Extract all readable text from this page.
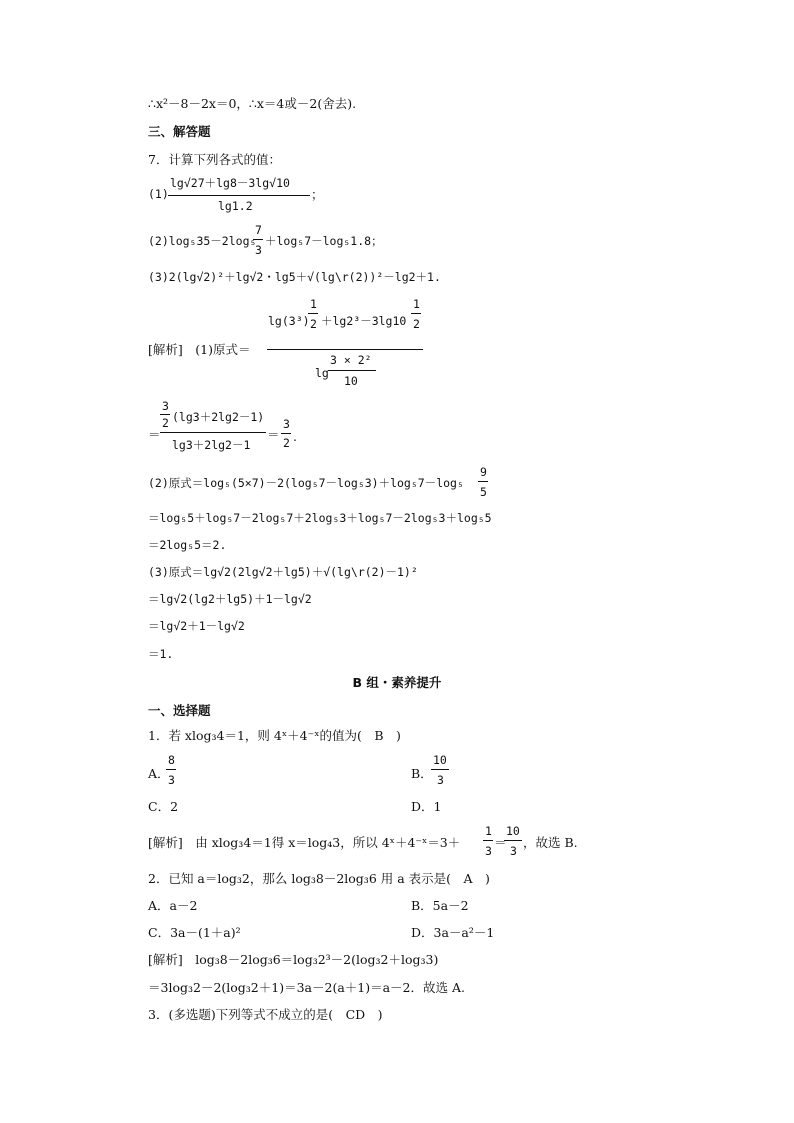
∴x²－8－2x＝0，∴x＝4或－2(舍去).
三、解答题
7．计算下列各式的值：
(1)
lg√27＋lg8－3lg√10
lg1.2
；
(2)log₅35－2log₅
7
3
＋log₅7－log₅1.8；
(3)2(lg√2)²＋lg√2・lg5＋√(lg\r(2))²－lg2＋1.
lg(3³)
1
2 ＋lg2³－3lg10
1
2
[解析]　(1)原式＝
lg
3 × 2²
10
＝
3
2 (lg3＋2lg2－1)
lg3＋2lg2－1
＝
3
2 .
(2)原式＝log₅(5×7)－2(log₅7－log₅3)＋log₅7－log₅
9
5
＝log₅5＋log₅7－2log₅7＋2log₅3＋log₅7－2log₅3＋log₅5
＝2log₅5＝2.
(3)原式＝lg√2(2lg√2＋lg5)＋√(lg\r(2)－1)²
＝lg√2(lg2＋lg5)＋1－lg√2
＝lg√2＋1－lg√2
＝1.
B 组・素养提升
一、选择题
1．若 xlog₃4＝1，则 4ˣ＋4⁻ˣ的值为(　B　)
A．
8
3	B．
10
3
C．2	D．1
[解析]　由 xlog₃4＝1得 x＝log₄3，所以 4ˣ＋4⁻ˣ＝3＋
1
3
＝
10
3
，故选 B.
2．已知 a＝log₃2，那么 log₃8－2log₃6 用 a 表示是(　A　)
A．a－2	B．5a－2
C．3a－(1＋a)²	D．3a－a²－1
[解析]　log₃8－2log₃6＝log₃2³－2(log₃2＋log₃3)
＝3log₃2－2(log₃2＋1)＝3a－2(a＋1)＝a－2．故选 A.
3．(多选题)下列等式不成立的是(　CD　)
